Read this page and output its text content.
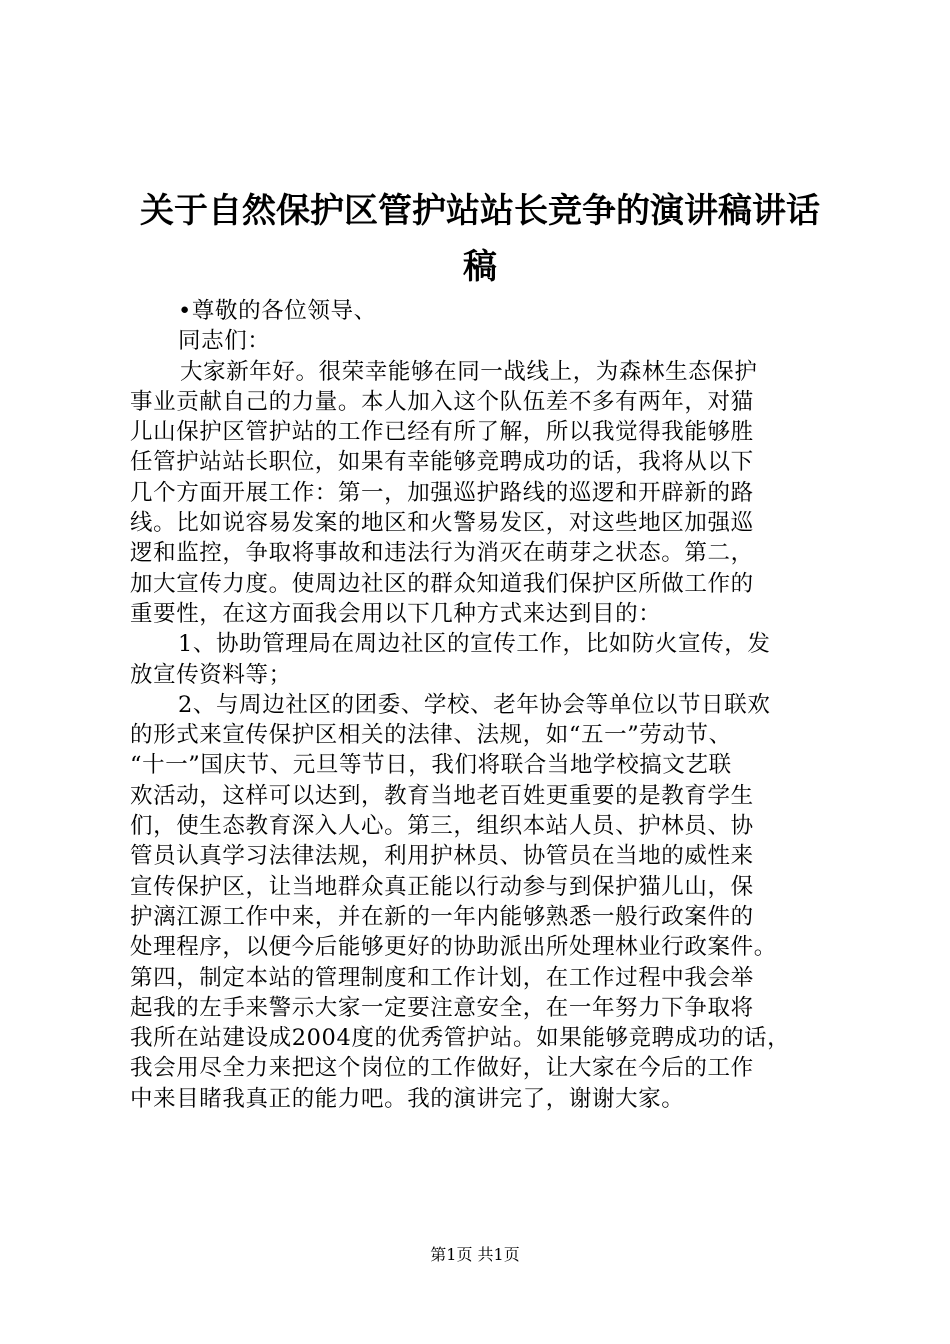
关于自然保护区管护站站长竞争的演讲稿讲话
稿
•尊敬的各位领导、
同志们：
大家新年好。很荣幸能够在同一战线上，为森林生态保护
事业贡献自己的力量。本人加入这个队伍差不多有两年，对猫
儿山保护区管护站的工作已经有所了解，所以我觉得我能够胜
任管护站站长职位，如果有幸能够竞聘成功的话，我将从以下
几个方面开展工作：第一，加强巡护路线的巡逻和开辟新的路
线。比如说容易发案的地区和火警易发区，对这些地区加强巡
逻和监控，争取将事故和违法行为消灭在萌芽之状态。第二，
加大宣传力度。使周边社区的群众知道我们保护区所做工作的
重要性，在这方面我会用以下几种方式来达到目的：
1、协助管理局在周边社区的宣传工作，比如防火宣传，发
放宣传资料等；
2、与周边社区的团委、学校、老年协会等单位以节日联欢
的形式来宣传保护区相关的法律、法规，如“五一”劳动节、
“十一”国庆节、元旦等节日，我们将联合当地学校搞文艺联
欢活动，这样可以达到，教育当地老百姓更重要的是教育学生
们，使生态教育深入人心。第三，组织本站人员、护林员、协
管员认真学习法律法规，利用护林员、协管员在当地的威性来
宣传保护区，让当地群众真正能以行动参与到保护猫儿山，保
护漓江源工作中来，并在新的一年内能够熟悉一般行政案件的
处理程序，以便今后能够更好的协助派出所处理林业行政案件。
第四，制定本站的管理制度和工作计划，在工作过程中我会举
起我的左手来警示大家一定要注意安全，在一年努力下争取将
我所在站建设成2004度的优秀管护站。如果能够竞聘成功的话，
我会用尽全力来把这个岗位的工作做好，让大家在今后的工作
中来目睹我真正的能力吧。我的演讲完了，谢谢大家。
第1页 共1页
